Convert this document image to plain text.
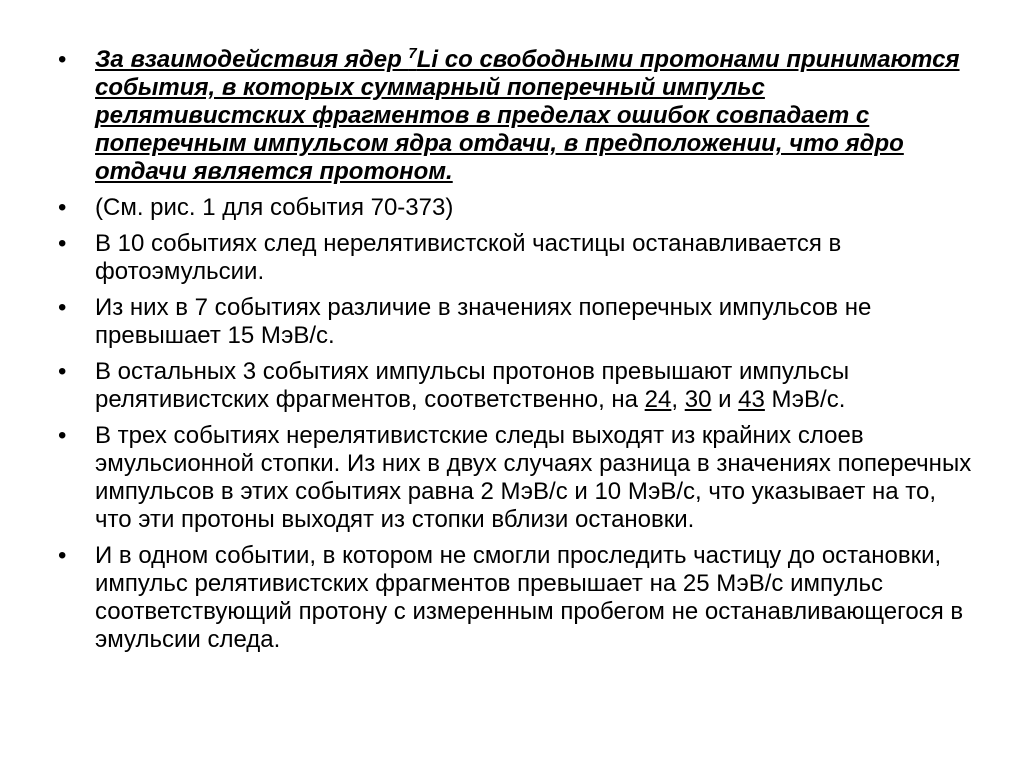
•	За взаимодействия ядер $^7$Li со свободными протонами принимаются события, в которых суммарный поперечный импульс релятивистских фрагментов в пределах ошибок совпадает с поперечным импульсом ядра отдачи, в предположении, что ядро отдачи является протоном.
•	(См. рис. 1 для события 70-373)
•	В 10 событиях след нерелятивистской частицы останавливается в фотоэмульсии.
•	Из них в 7 событиях различие в значениях поперечных импульсов не превышает 15 МэВ/с.
•	В остальных 3 событиях импульсы протонов превышают импульсы релятивистских фрагментов, соответственно, на 24, 30 и 43 МэВ/с.
•	В трех событиях нерелятивистские следы выходят из крайних слоев эмульсионной стопки. Из них в двух случаях разница в значениях поперечных импульсов в этих событиях равна 2 МэВ/с и 10 МэВ/с, что указывает на то, что эти протоны выходят из стопки вблизи остановки.
•	И в одном событии, в котором не смогли проследить частицу до остановки, импульс релятивистских фрагментов превышает на 25 МэВ/с импульс соответствующий протону с измеренным пробегом не останавливающегося в эмульсии следа.
